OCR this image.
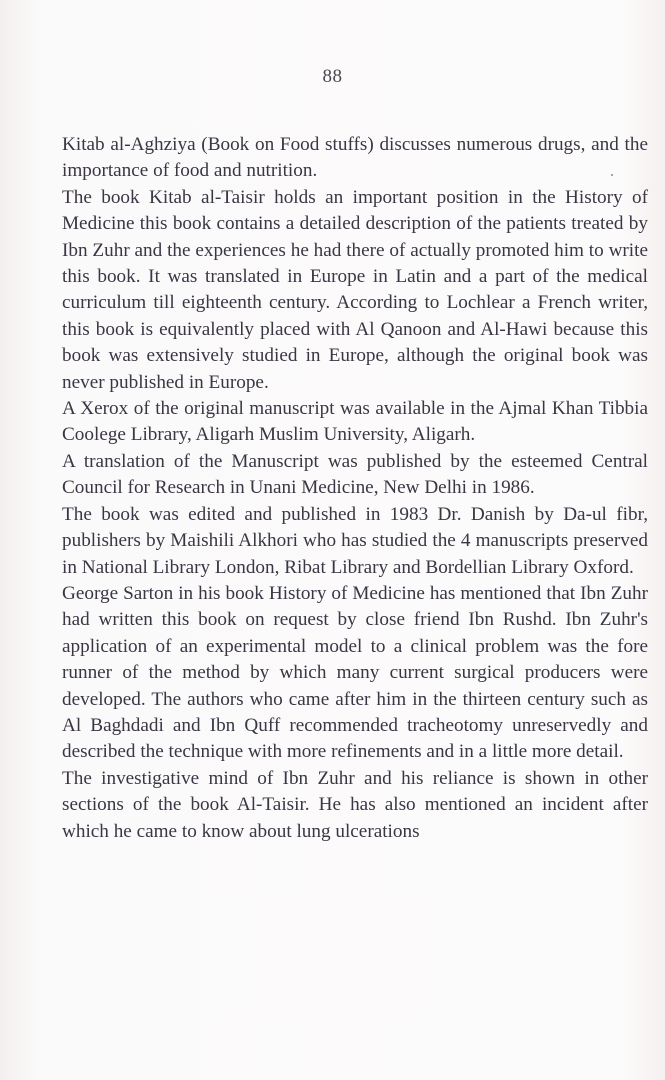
88

Kitab al-Aghziya (Book on Food stuffs) discusses numerous drugs, and the importance of food and nutrition.

The book Kitab al-Taisir holds an important position in the History of Medicine this book contains a detailed description of the patients treated by Ibn Zuhr and the experiences he had there of actually promoted him to write this book. It was translated in Europe in Latin and a part of the medical curriculum till eighteenth century. According to Lochlear a French writer, this book is equivalently placed with Al Qanoon and Al-Hawi because this book was extensively studied in Europe, although the original book was never published in Europe.

A Xerox of the original manuscript was available in the Ajmal Khan Tibbia Coolege Library, Aligarh Muslim University, Aligarh.

A translation of the Manuscript was published by the esteemed Central Council for Research in Unani Medicine, New Delhi in 1986.

The book was edited and published in 1983 Dr. Danish by Da-ul fibr, publishers by Maishili Alkhori who has studied the 4 manuscripts preserved in National Library London, Ribat Library and Bordellian Library Oxford.

George Sarton in his book History of Medicine has mentioned that Ibn Zuhr had written this book on request by close friend Ibn Rushd. Ibn Zuhr's application of an experimental model to a clinical problem was the fore runner of the method by which many current surgical producers were developed. The authors who came after him in the thirteen century such as Al Baghdadi and Ibn Quff recommended tracheotomy unreservedly and described the technique with more refinements and in a little more detail.

The investigative mind of Ibn Zuhr and his reliance is shown in other sections of the book Al-Taisir. He has also mentioned an incident after which he came to know about lung ulcerations
